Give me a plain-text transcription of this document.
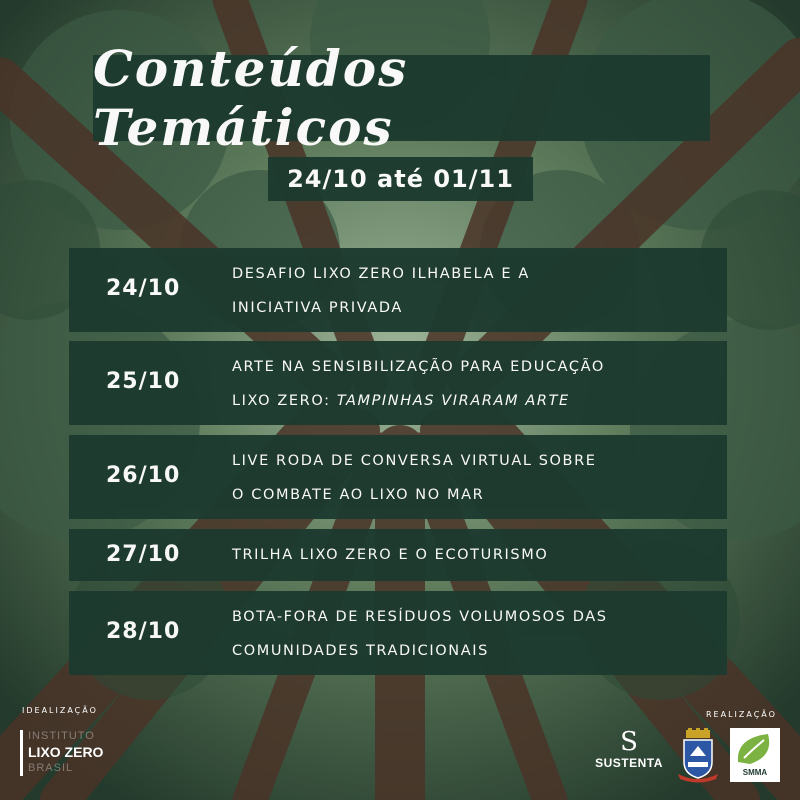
Conteúdos Temáticos
24/10 até 01/11
24/10
DESAFIO LIXO ZERO ILHABELA E A
INICIATIVA PRIVADA
25/10
ARTE NA SENSIBILIZAÇÃO PARA EDUCAÇÃO
LIXO ZERO: TAMPINHAS VIRARAM ARTE
26/10
LIVE RODA DE CONVERSA VIRTUAL SOBRE
O COMBATE AO LIXO NO MAR
27/10	TRILHA LIXO ZERO E O ECOTURISMO
28/10
BOTA-FORA DE RESÍDUOS VOLUMOSOS DAS
COMUNIDADES TRADICIONAIS
IDEALIZAÇÃO	REALIZAÇÃO
INSTITUTO
LIXO ZERO
BRASIL
S
SUSTENTA
SMMA
